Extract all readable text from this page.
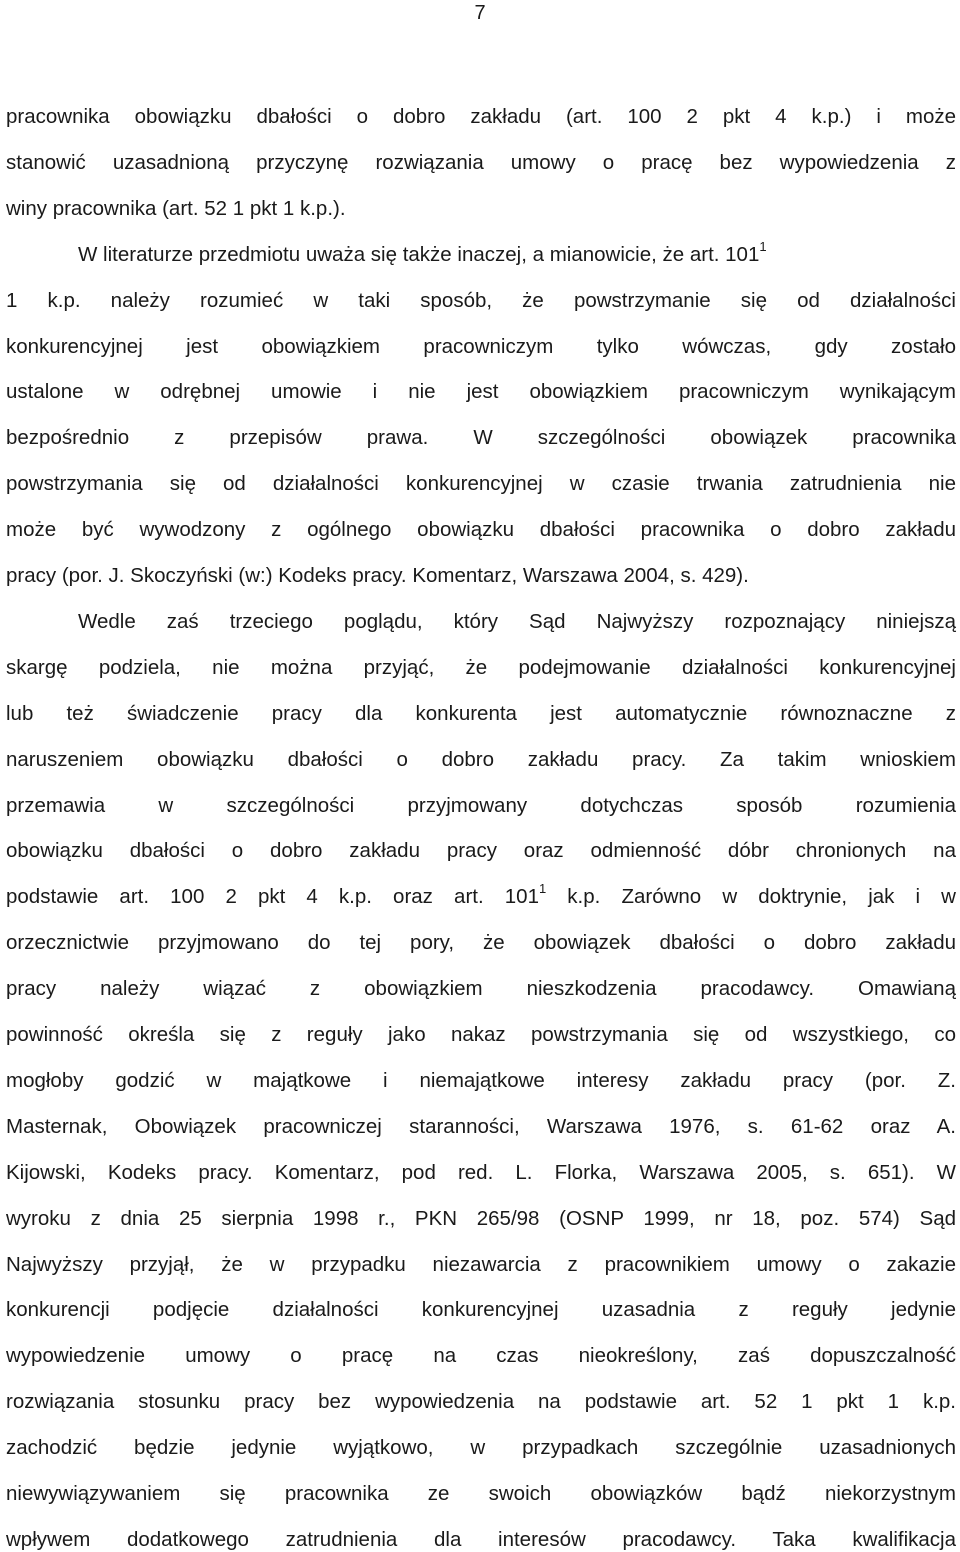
7
pracownika obowiązku dbałości o dobro zakładu (art. 100 2 pkt 4 k.p.) i może
stanowić uzasadnioną przyczynę rozwiązania umowy o pracę bez wypowiedzenia z
winy pracownika (art. 52 1 pkt 1 k.p.).
W literaturze przedmiotu uważa się także inaczej, a mianowicie, że art. $101^1$
1 k.p. należy rozumieć w taki sposób, że powstrzymanie się od działalności
konkurencyjnej jest obowiązkiem pracowniczym tylko wówczas, gdy zostało
ustalone w odrębnej umowie i nie jest obowiązkiem pracowniczym wynikającym
bezpośrednio z przepisów prawa. W szczególności obowiązek pracownika
powstrzymania się od działalności konkurencyjnej w czasie trwania zatrudnienia nie
może być wywodzony z ogólnego obowiązku dbałości pracownika o dobro zakładu
pracy (por. J. Skoczyński (w:) Kodeks pracy. Komentarz, Warszawa 2004, s. 429).
Wedle zaś trzeciego poglądu, który Sąd Najwyższy rozpoznający niniejszą
skargę podziela, nie można przyjąć, że podejmowanie działalności konkurencyjnej
lub też świadczenie pracy dla konkurenta jest automatycznie równoznaczne z
naruszeniem obowiązku dbałości o dobro zakładu pracy. Za takim wnioskiem
przemawia w szczególności przyjmowany dotychczas sposób rozumienia
obowiązku dbałości o dobro zakładu pracy oraz odmienność dóbr chronionych na
podstawie art. 100 2 pkt 4 k.p. oraz art. $101^1$ k.p. Zarówno w doktrynie, jak i w
orzecznictwie przyjmowano do tej pory, że obowiązek dbałości o dobro zakładu
pracy należy wiązać z obowiązkiem nieszkodzenia pracodawcy. Omawianą
powinność określa się z reguły jako nakaz powstrzymania się od wszystkiego, co
mogłoby godzić w majątkowe i niemajątkowe interesy zakładu pracy (por. Z.
Masternak, Obowiązek pracowniczej staranności, Warszawa 1976, s. 61-62 oraz A.
Kijowski, Kodeks pracy. Komentarz, pod red. L. Florka, Warszawa 2005, s. 651). W
wyroku z dnia 25 sierpnia 1998 r., PKN 265/98 (OSNP 1999, nr 18, poz. 574) Sąd
Najwyższy przyjął, że w przypadku niezawarcia z pracownikiem umowy o zakazie
konkurencji podjęcie działalności konkurencyjnej uzasadnia z reguły jedynie
wypowiedzenie umowy o pracę na czas nieokreślony, zaś dopuszczalność
rozwiązania stosunku pracy bez wypowiedzenia na podstawie art. 52 1 pkt 1 k.p.
zachodzić będzie jedynie wyjątkowo, w przypadkach szczególnie uzasadnionych
niewywiązywaniem się pracownika ze swoich obowiązków bądź niekorzystnym
wpływem dodatkowego zatrudnienia dla interesów pracodawcy. Taka kwalifikacja
